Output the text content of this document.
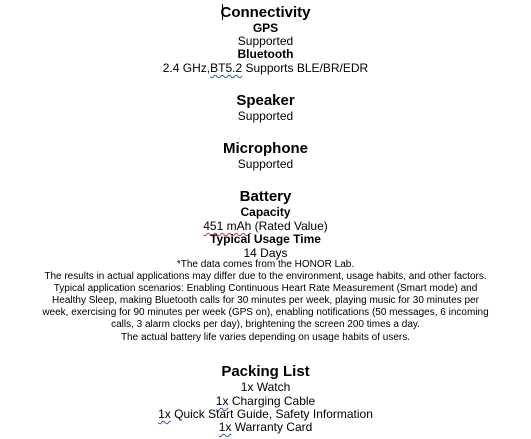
Connectivity
GPS
Supported
Bluetooth
2.4 GHz,BT5.2 Supports BLE/BR/EDR
Speaker
Supported
Microphone
Supported
Battery
Capacity
451 mAh (Rated Value)
Typical Usage Time
14 Days
*The data comes from the HONOR Lab.
The results in actual applications may differ due to the environment, usage habits, and other factors.
Typical application scenarios: Enabling Continuous Heart Rate Measurement (Smart mode) and
Healthy Sleep, making Bluetooth calls for 30 minutes per week, playing music for 30 minutes per
week, exercising for 90 minutes per week (GPS on), enabling notifications (50 messages, 6 incoming
calls, 3 alarm clocks per day), brightening the screen 200 times a day.
The actual battery life varies depending on usage habits of users.
Packing List
1x Watch
1x Charging Cable
1x Quick Start Guide, Safety Information
1x Warranty Card
